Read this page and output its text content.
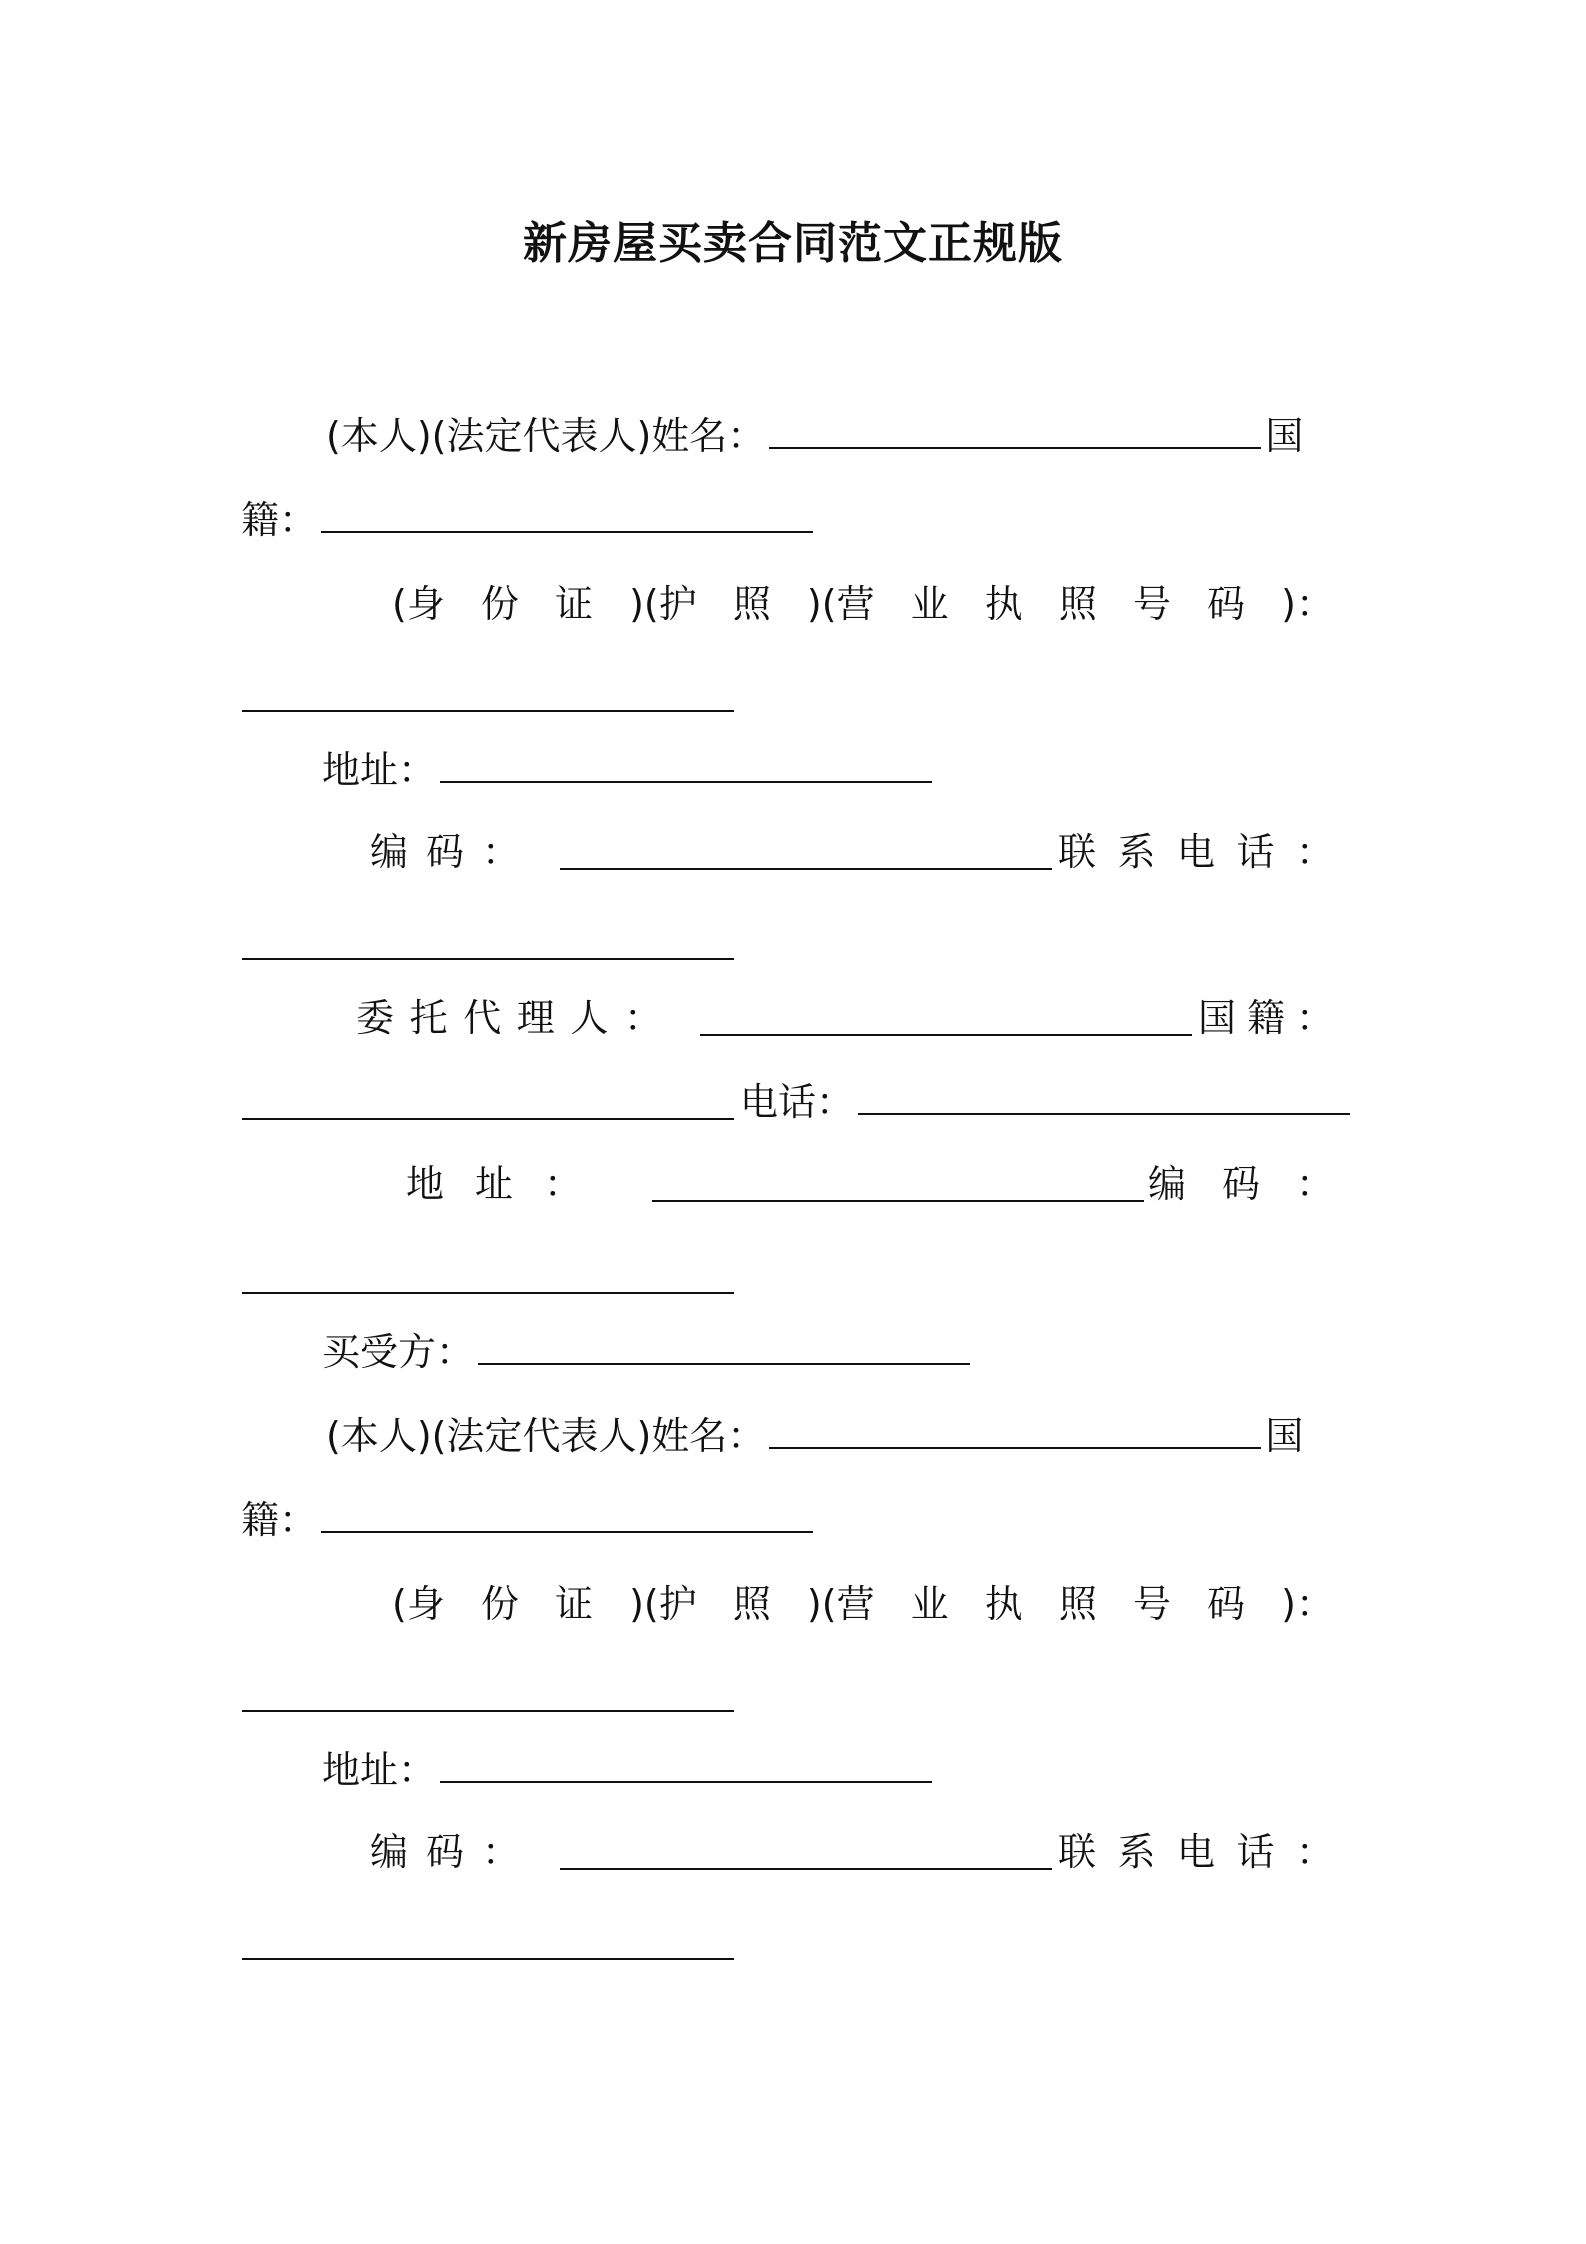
新房屋买卖合同范文正规版
(本人)(法定代表人)姓名：	国
籍：
(身 份 证 )(护 照 )(营 业 执 照 号 码 )：
地址：
编 码 ：	联 系 电 话 ：
委 托 代 理 人 ：	国 籍 ：
电话：
地 址 ：	编 码 ：
买受方：
(本人)(法定代表人)姓名：	国
籍：
(身 份 证 )(护 照 )(营 业 执 照 号 码 )：
地址：
编 码 ：	联 系 电 话 ：
